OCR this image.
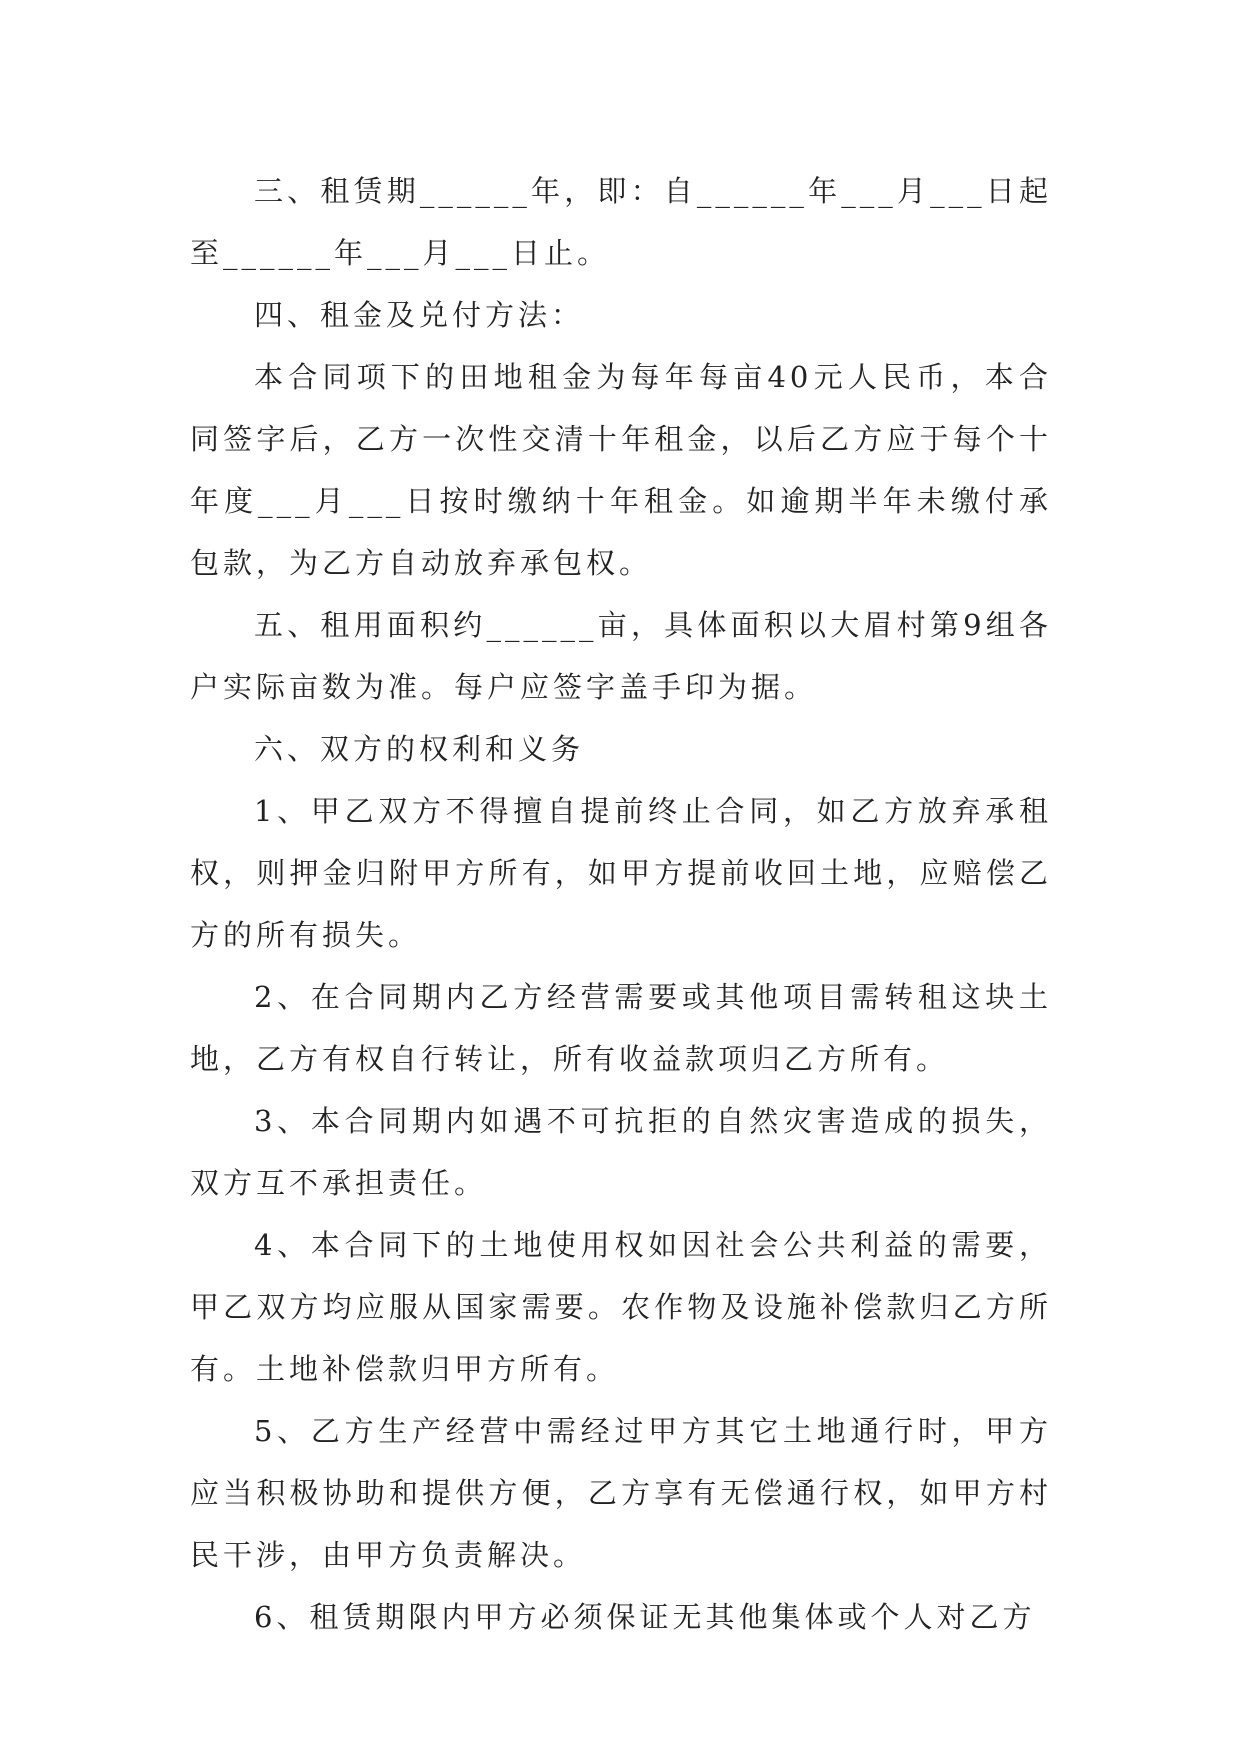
三、租赁期______年，即：自______年___月___日起至______年___月___日止。

四、租金及兑付方法：

本合同项下的田地租金为每年每亩40元人民币，本合同签字后，乙方一次性交清十年租金，以后乙方应于每个十年度___月___日按时缴纳十年租金。如逾期半年未缴付承包款，为乙方自动放弃承包权。

五、租用面积约______亩，具体面积以大眉村第9组各户实际亩数为准。每户应签字盖手印为据。

六、双方的权利和义务

1、甲乙双方不得擅自提前终止合同，如乙方放弃承租权，则押金归附甲方所有，如甲方提前收回土地，应赔偿乙方的所有损失。

2、在合同期内乙方经营需要或其他项目需转租这块土地，乙方有权自行转让，所有收益款项归乙方所有。

3、本合同期内如遇不可抗拒的自然灾害造成的损失，双方互不承担责任。

4、本合同下的土地使用权如因社会公共利益的需要，甲乙双方均应服从国家需要。农作物及设施补偿款归乙方所有。土地补偿款归甲方所有。

5、乙方生产经营中需经过甲方其它土地通行时，甲方应当积极协助和提供方便，乙方享有无偿通行权，如甲方村民干涉，由甲方负责解决。

6、租赁期限内甲方必须保证无其他集体或个人对乙方
